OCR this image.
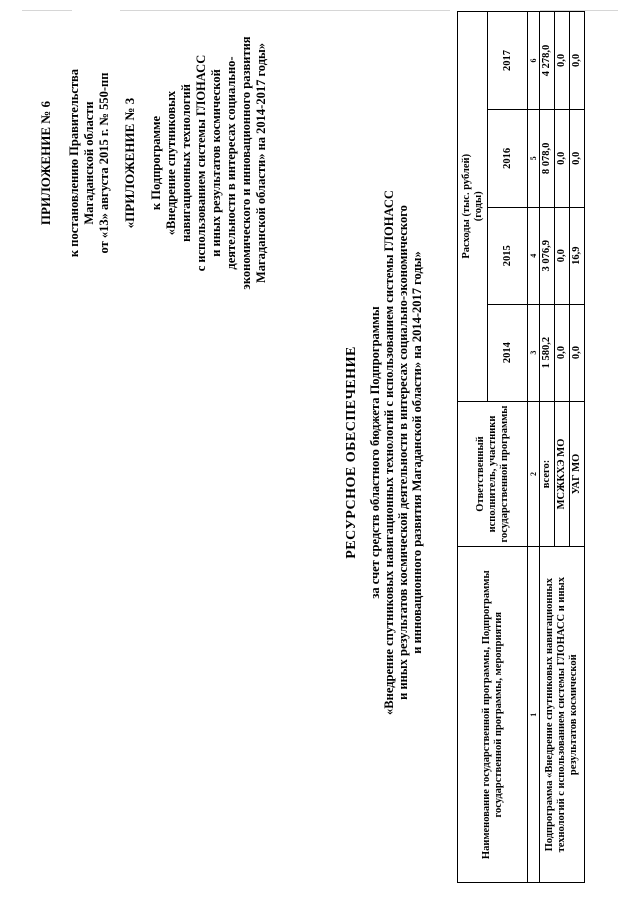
ПРИЛОЖЕНИЕ № 6 к постановлению Правительства Магаданской области от «13» августа 2015 г. № 550-пп «ПРИЛОЖЕНИЕ № 3 к Подпрограмме «Внедрение спутниковых навигационных технологий с использованием системы ГЛОНАСС и иных результатов космической деятельности в интересах социально- экономического и инновационного развития Магаданской области» на 2014-2017 годы»
РЕСУРСНОЕ ОБЕСПЕЧЕНИЕ за счет средств областного бюджета Подпрограммы «Внедрение спутниковых навигационных технологий с использованием системы ГЛОНАСС и иных результатов космической деятельности в интересах социально-экономического и инновационного развития Магаданской области» на 2014-2017 годы»
Наименование государственной программы, Подпрограммы государственной программы, мероприятия	Ответственный исполнитель, участники государственной программы	Расходы (тыс. рублей) (годы)			

		2014	2015	2016	2017
1	2	3	4	5	6
Подпрограмма «Внедрение спутниковых навигационных технологий с использованием системы ГЛОНАСС и иных результатов космической	всего:	1 580,2	3 076,9	8 078,0	4 278,0
	МСЖКХЭ МО	0,0	0,0	0,0	0,0
	УАГ МО	0,0	16,9	0,0	0,0
